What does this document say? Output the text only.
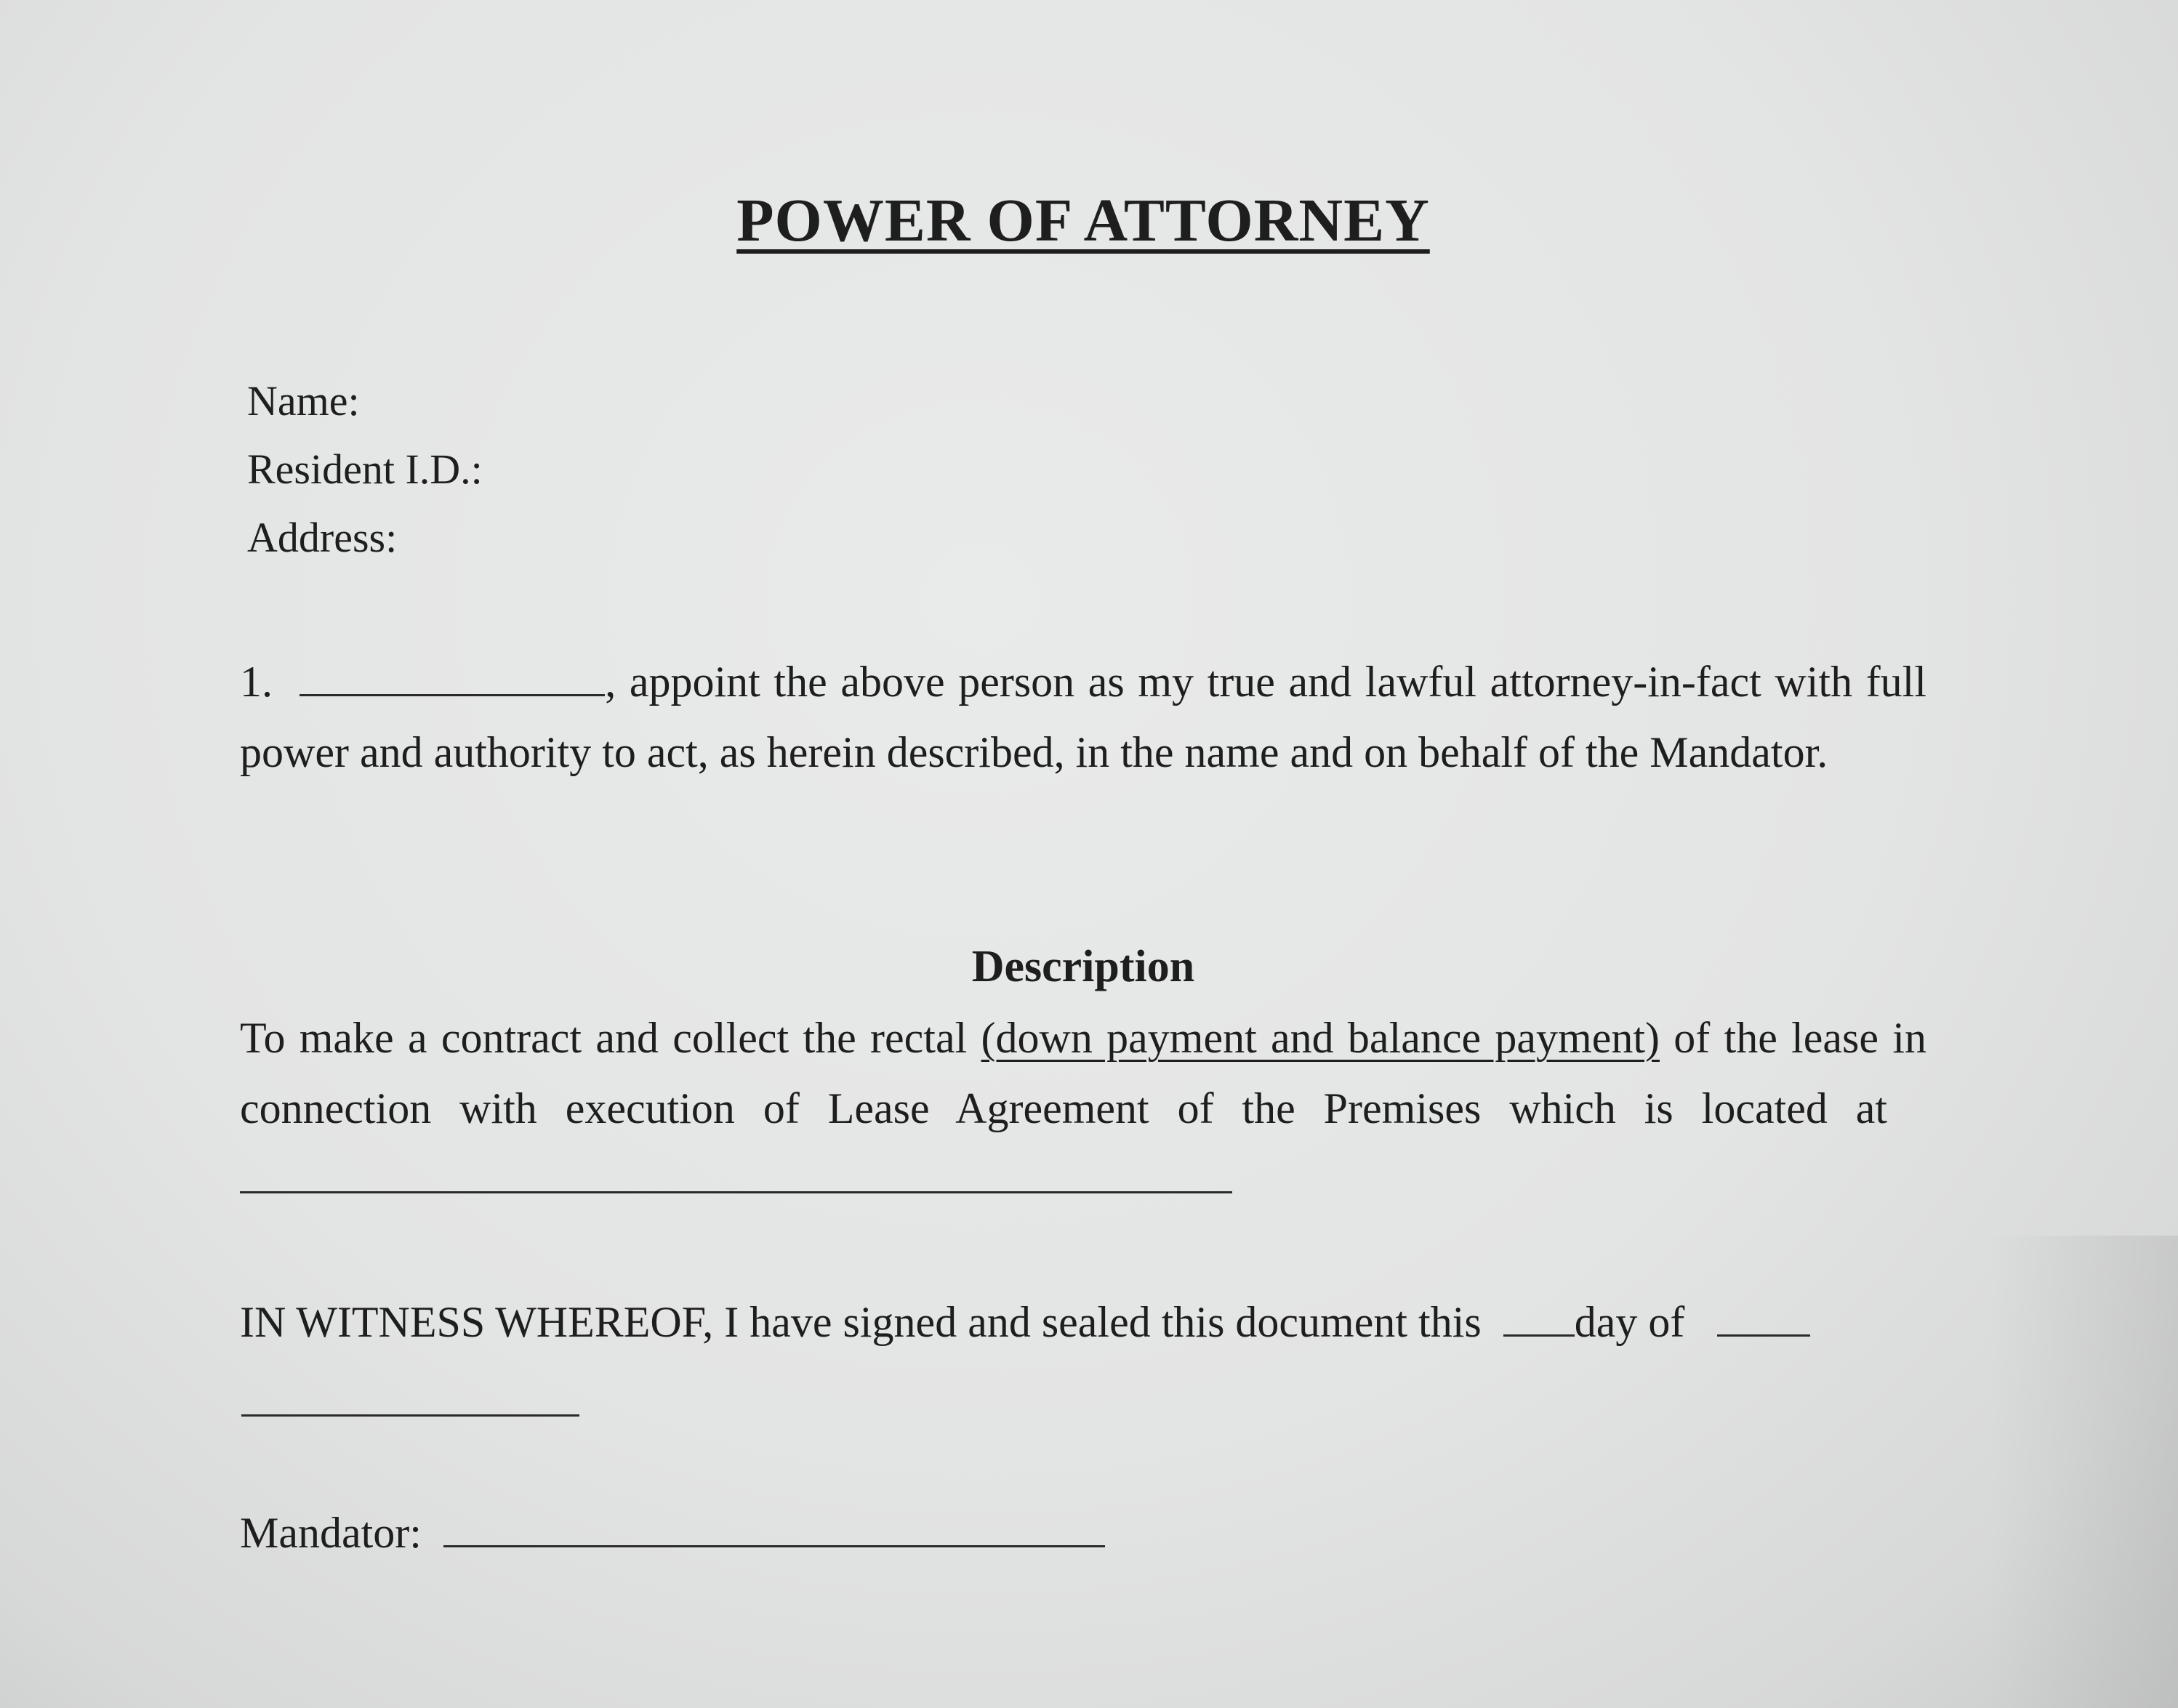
POWER OF ATTORNEY

Name:

Resident I.D.:

Address:

1.	, appoint the above person as my true and lawful attorney-in-fact with full power and authority to act, as herein described, in the name and on behalf of the Mandator.

Description

To make a contract and collect the rectal (down payment and balance payment) of the lease in connection with execution of Lease Agreement of the Premises which is located at

IN WITNESS WHEREOF, I have signed and sealed this document this  day of

Mandator:
